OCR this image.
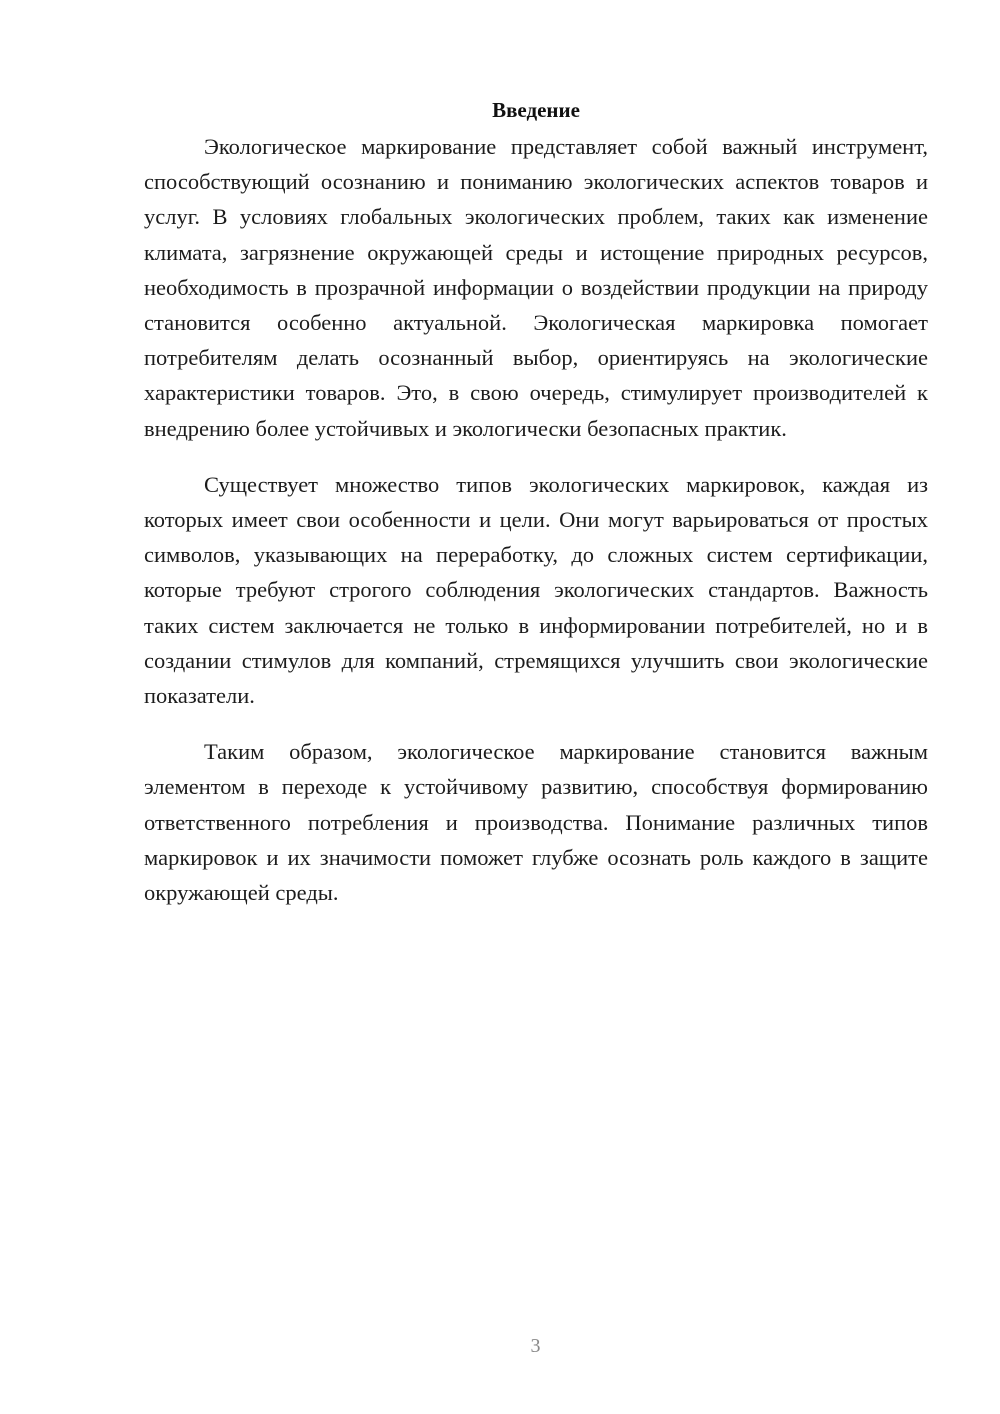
Введение

Экологическое маркирование представляет собой важный инструмент, способствующий осознанию и пониманию экологических аспектов товаров и услуг. В условиях глобальных экологических проблем, таких как изменение климата, загрязнение окружающей среды и истощение природных ресурсов, необходимость в прозрачной информации о воздействии продукции на природу становится особенно актуальной. Экологическая маркировка помогает потребителям делать осознанный выбор, ориентируясь на экологические характеристики товаров. Это, в свою очередь, стимулирует производителей к внедрению более устойчивых и экологически безопасных практик.

Существует множество типов экологических маркировок, каждая из которых имеет свои особенности и цели. Они могут варьироваться от простых символов, указывающих на переработку, до сложных систем сертификации, которые требуют строгого соблюдения экологических стандартов. Важность таких систем заключается не только в информировании потребителей, но и в создании стимулов для компаний, стремящихся улучшить свои экологические показатели.

Таким образом, экологическое маркирование становится важным элементом в переходе к устойчивому развитию, способствуя формированию ответственного потребления и производства. Понимание различных типов маркировок и их значимости поможет глубже осознать роль каждого в защите окружающей среды.

3
